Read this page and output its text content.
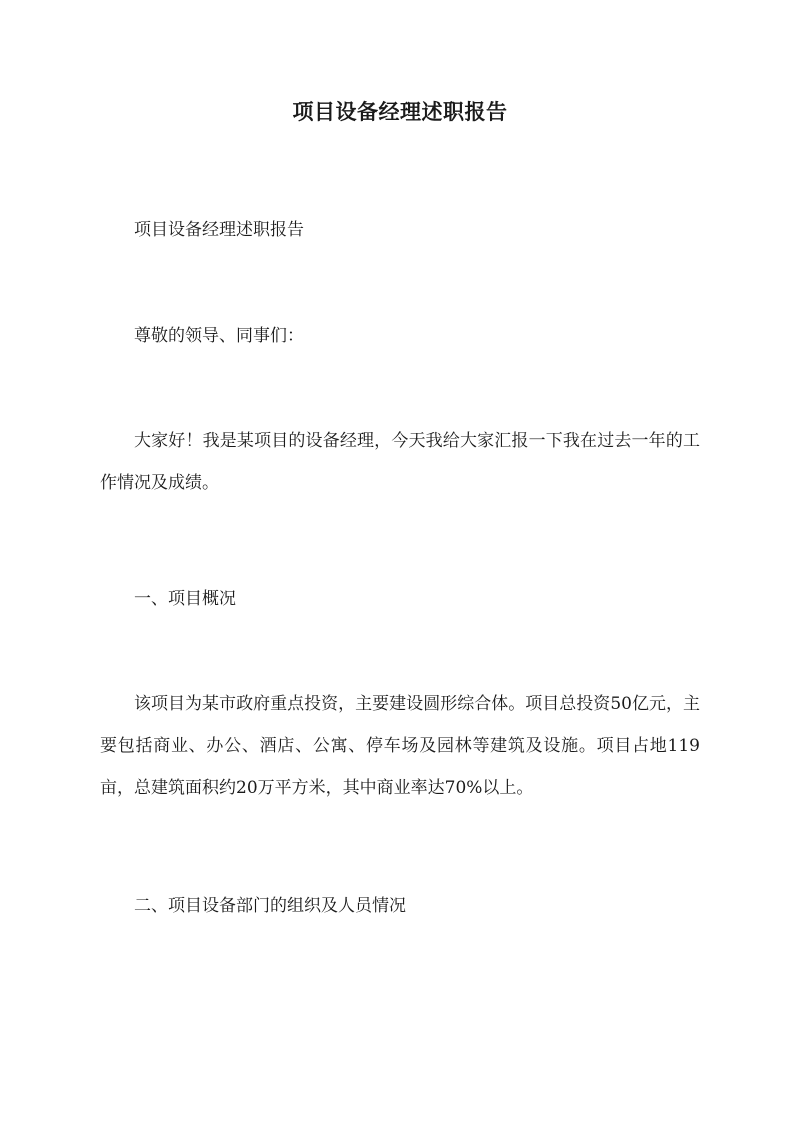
项目设备经理述职报告

项目设备经理述职报告

尊敬的领导、同事们：

大家好！我是某项目的设备经理，今天我给大家汇报一下我在过去一年的工作情况及成绩。

一、项目概况

该项目为某市政府重点投资，主要建设圆形综合体。项目总投资50亿元，主要包括商业、办公、酒店、公寓、停车场及园林等建筑及设施。项目占地119亩，总建筑面积约20万平方米，其中商业率达70%以上。

二、项目设备部门的组织及人员情况
